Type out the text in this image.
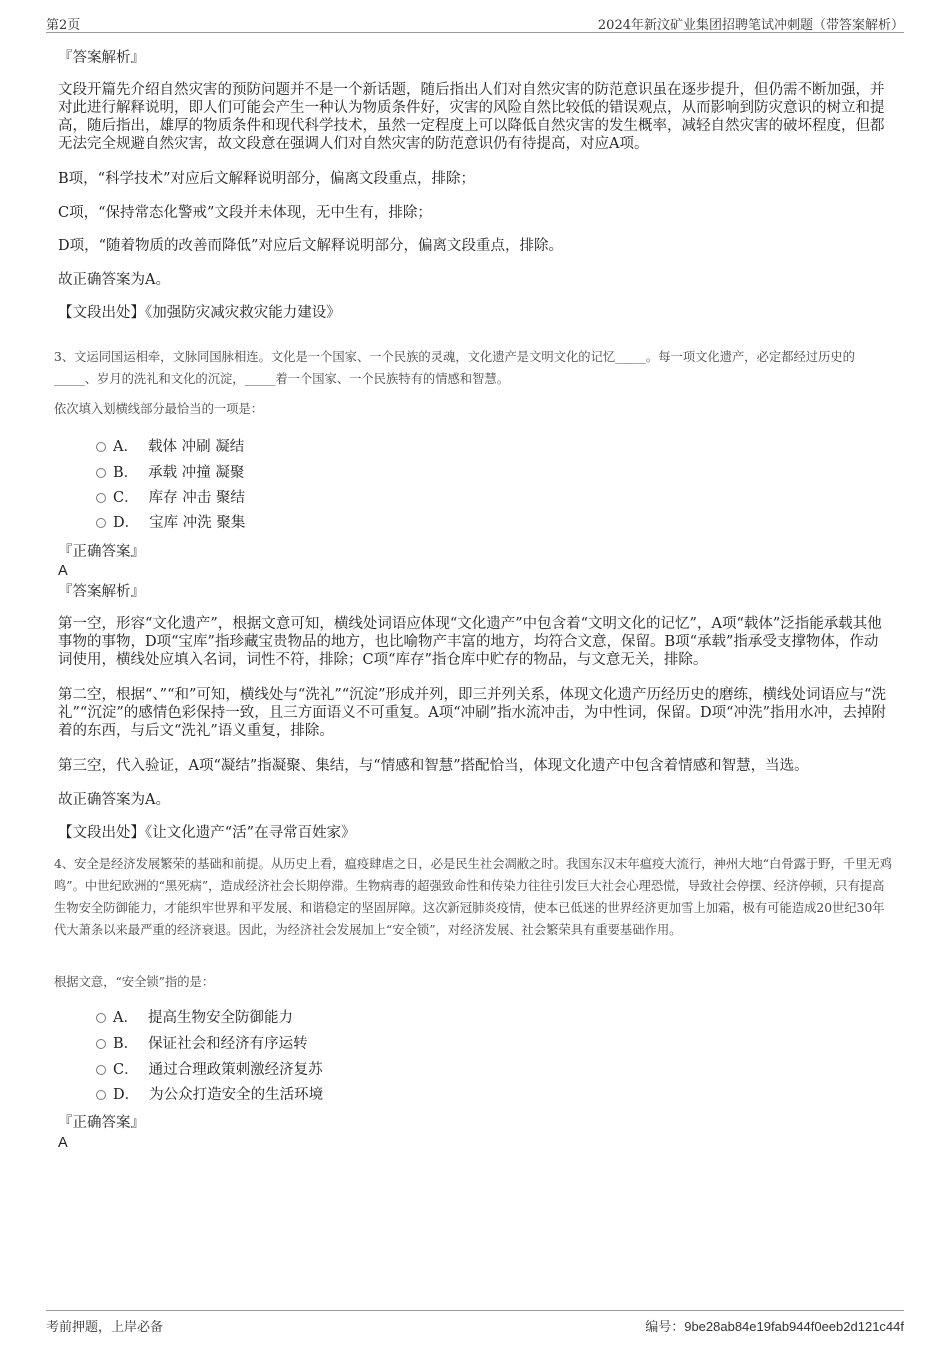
第2页	2024年新汶矿业集团招聘笔试冲刺题（带答案解析）
『答案解析』
文段开篇先介绍自然灾害的预防问题并不是一个新话题，随后指出人们对自然灾害的防范意识虽在逐步提升，但仍需不断加强，并对此进行解释说明，即人们可能会产生一种认为物质条件好，灾害的风险自然比较低的错误观点，从而影响到防灾意识的树立和提高，随后指出，雄厚的物质条件和现代科学技术，虽然一定程度上可以降低自然灾害的发生概率，减轻自然灾害的破坏程度，但都无法完全规避自然灾害，故文段意在强调人们对自然灾害的防范意识仍有待提高，对应A项。
B项，“科学技术”对应后文解释说明部分，偏离文段重点，排除；
C项，“保持常态化警戒”文段并未体现，无中生有，排除；
D项，“随着物质的改善而降低”对应后文解释说明部分，偏离文段重点，排除。
故正确答案为A。
【文段出处】《加强防灾减灾救灾能力建设》
3、文运同国运相牵，文脉同国脉相连。文化是一个国家、一个民族的灵魂，文化遗产是文明文化的记忆_____。每一项文化遗产，必定都经过历史的_____、岁月的洗礼和文化的沉淀，_____着一个国家、一个民族特有的情感和智慧。
依次填入划横线部分最恰当的一项是：
A． 载体 冲刷 凝结
B． 承载 冲撞 凝聚
C． 库存 冲击 聚结
D． 宝库 冲洗 聚集
『正确答案』
A
『答案解析』
第一空，形容“文化遗产”，根据文意可知，横线处词语应体现“文化遗产”中包含着“文明文化的记忆”，A项“载体”泛指能承载其他事物的事物，D项“宝库”指珍藏宝贵物品的地方，也比喻物产丰富的地方，均符合文意，保留。B项“承载”指承受支撑物体，作动词使用，横线处应填入名词，词性不符，排除；C项“库存”指仓库中贮存的物品，与文意无关，排除。
第二空，根据“、”“和”可知，横线处与“洗礼”“沉淀”形成并列，即三并列关系，体现文化遗产历经历史的磨练，横线处词语应与“洗礼”“沉淀”的感情色彩保持一致，且三方面语义不可重复。A项“冲刷”指水流冲击，为中性词，保留。D项“冲洗”指用水冲，去掉附着的东西，与后文“洗礼”语义重复，排除。
第三空，代入验证，A项“凝结”指凝聚、集结，与“情感和智慧”搭配恰当，体现文化遗产中包含着情感和智慧，当选。
故正确答案为A。
【文段出处】《让文化遗产“活”在寻常百姓家》
4、安全是经济发展繁荣的基础和前提。从历史上看，瘟疫肆虐之日，必是民生社会凋敝之时。我国东汉末年瘟疫大流行，神州大地“白骨露于野，千里无鸡鸣”。中世纪欧洲的“黑死病”，造成经济社会长期停滞。生物病毒的超强致命性和传染力往往引发巨大社会心理恐慌，导致社会停摆、经济停顿，只有提高生物安全防御能力，才能织牢世界和平发展、和谐稳定的坚固屏障。这次新冠肺炎疫情，使本已低迷的世界经济更加雪上加霜，极有可能造成20世纪30年代大萧条以来最严重的经济衰退。因此，为经济社会发展加上“安全锁”，对经济发展、社会繁荣具有重要基础作用。
根据文意，“安全锁”指的是：
A． 提高生物安全防御能力
B． 保证社会和经济有序运转
C． 通过合理政策刺激经济复苏
D． 为公众打造安全的生活环境
『正确答案』
A
考前押题，上岸必备	编号：9be28ab84e19fab944f0eeb2d121c44f
